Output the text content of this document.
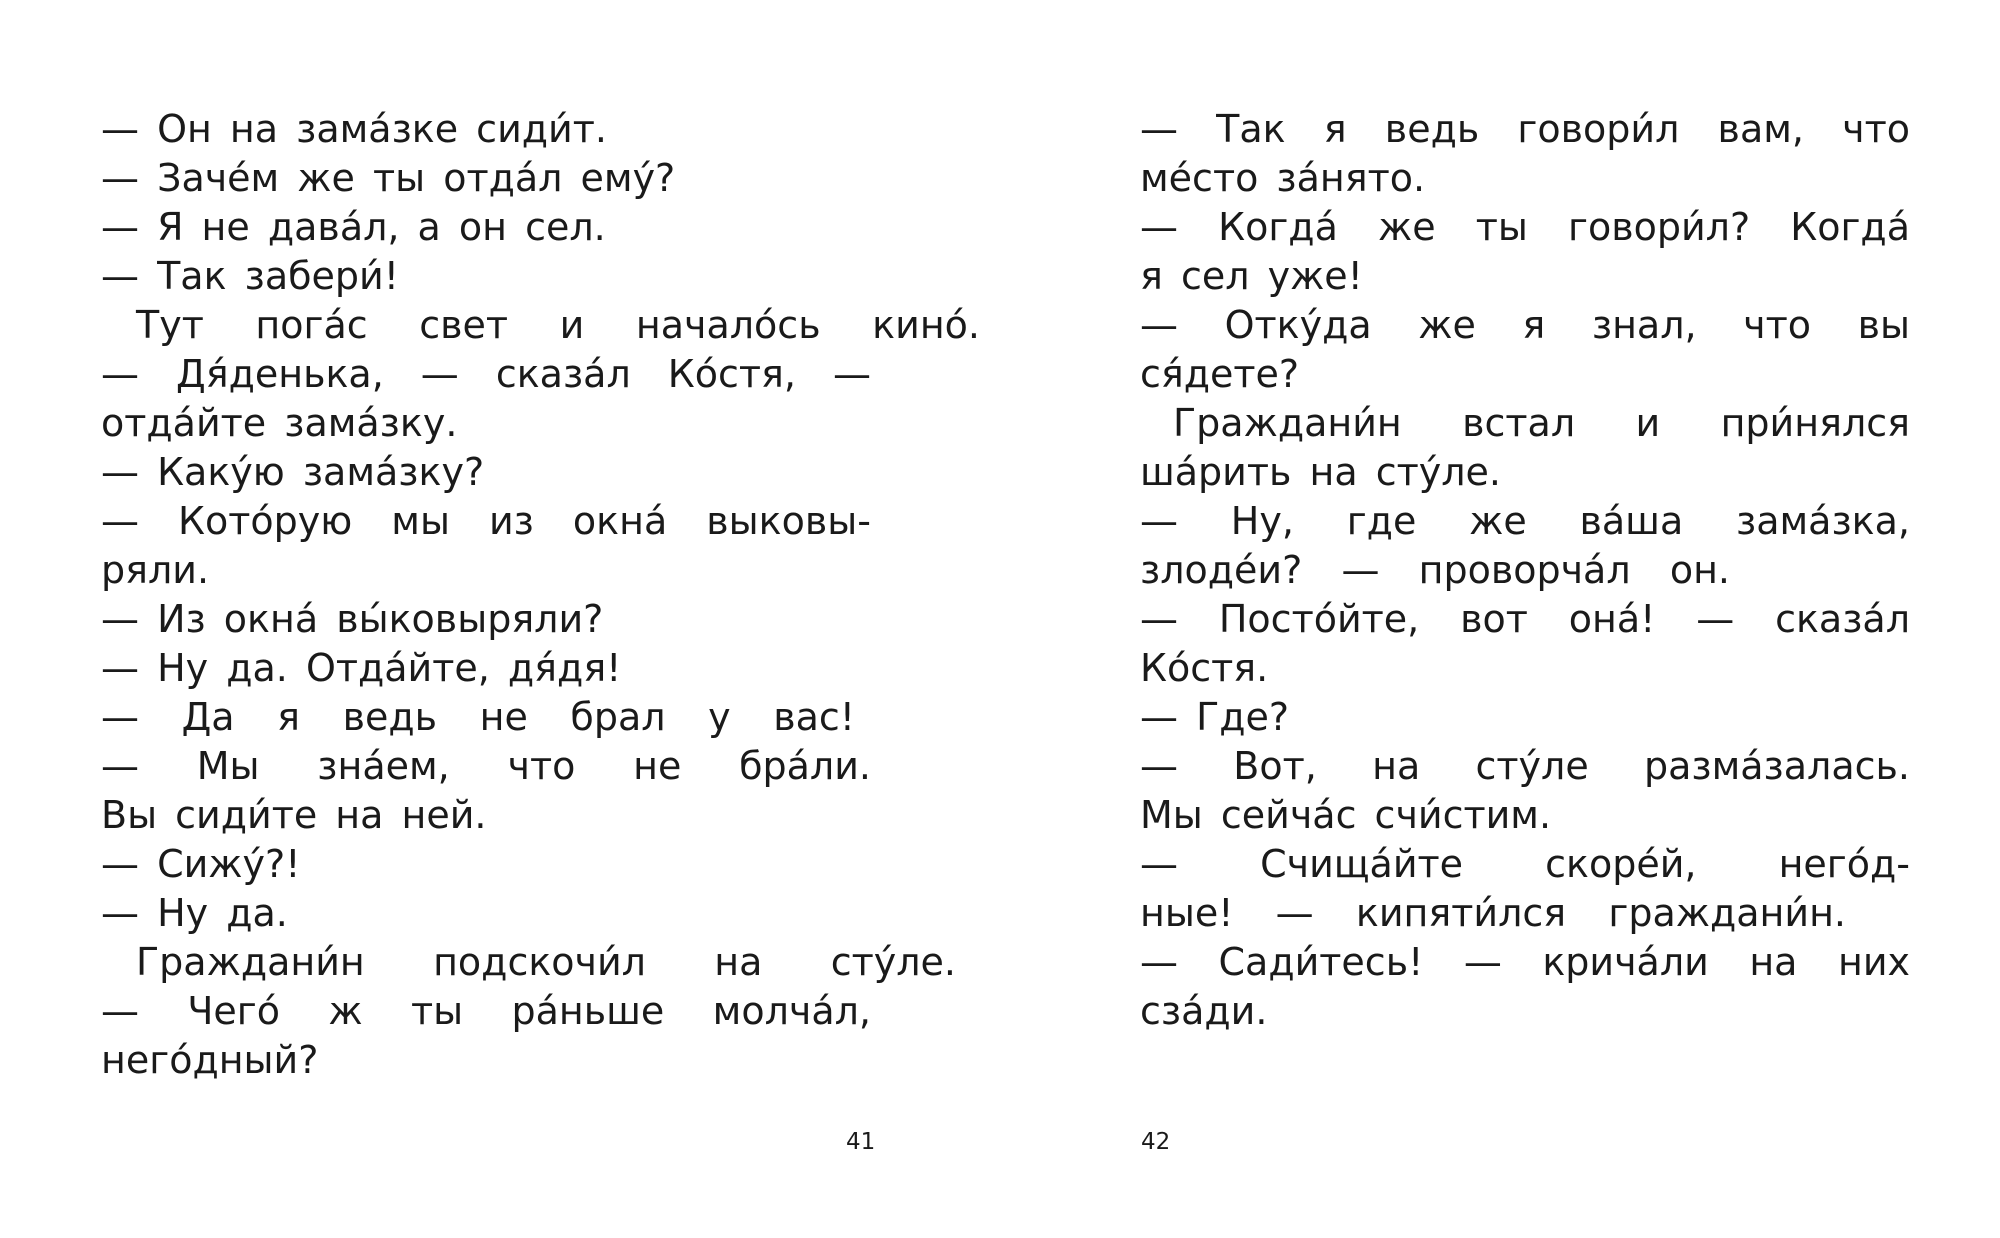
— Он на зама́зке сиди́т.
— Заче́м же ты отда́л ему́?
— Я не дава́л, а он сел.
— Так забери́!
Тут пога́с свет и начало́сь кино́.
— Дя́денька, — сказа́л Ко́стя, —
отда́йте зама́зку.
— Каку́ю зама́зку?
— Кото́рую мы из окна́ выковы-
ряли.
— Из окна́ вы́ковыряли?
— Ну да. Отда́йте, дя́дя!
— Да я ведь не брал у вас!
— Мы зна́ем, что не бра́ли.
Вы сиди́те на ней.
— Сижу́?!
— Ну да.
Граждани́н подскочи́л на сту́ле.
— Чего́ ж ты ра́ньше молча́л,
него́дный?
41
— Так я ведь говори́л вам, что
ме́сто за́нято.
— Когда́ же ты говори́л? Когда́
я сел уже!
— Отку́да же я знал, что вы
ся́дете?
Граждани́н встал и при́нялся
ша́рить на сту́ле.
— Ну, где же ва́ша зама́зка,
злоде́и? — проворча́л он.
— Посто́йте, вот она́! — сказа́л
Ко́стя.
— Где?
— Вот, на сту́ле разма́залась.
Мы сейча́с счи́стим.
— Счища́йте скоре́й, него́д-
ные! — кипяти́лся граждани́н.
— Сади́тесь! — крича́ли на них
сза́ди.
42
